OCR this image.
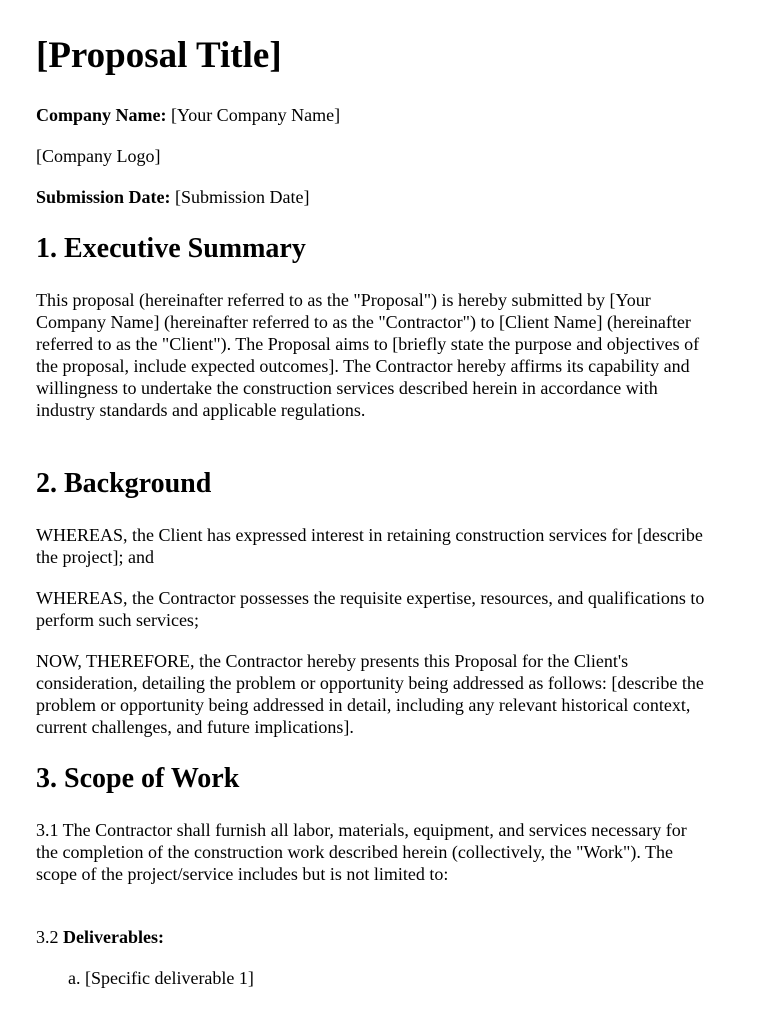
[Proposal Title]

Company Name: [Your Company Name]

[Company Logo]

Submission Date: [Submission Date]

1. Executive Summary

This proposal (hereinafter referred to as the "Proposal") is hereby submitted by [Your Company Name] (hereinafter referred to as the "Contractor") to [Client Name] (hereinafter referred to as the "Client"). The Proposal aims to [briefly state the purpose and objectives of the proposal, include expected outcomes]. The Contractor hereby affirms its capability and willingness to undertake the construction services described herein in accordance with industry standards and applicable regulations.

2. Background

WHEREAS, the Client has expressed interest in retaining construction services for [describe the project]; and

WHEREAS, the Contractor possesses the requisite expertise, resources, and qualifications to perform such services;

NOW, THEREFORE, the Contractor hereby presents this Proposal for the Client's consideration, detailing the problem or opportunity being addressed as follows: [describe the problem or opportunity being addressed in detail, including any relevant historical context, current challenges, and future implications].

3. Scope of Work

3.1 The Contractor shall furnish all labor, materials, equipment, and services necessary for the completion of the construction work described herein (collectively, the "Work"). The scope of the project/service includes but is not limited to:

3.2 Deliverables:

a. [Specific deliverable 1]
